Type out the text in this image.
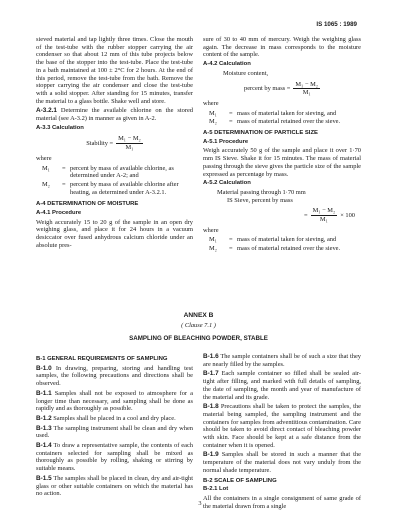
IS 1065 : 1989

sieved material and tap lightly three times. Close the mouth of the test-tube with the rubber stopper carrying the air condenser so that about 12 mm of this tube projects below the base of the stopper into the test-tube. Place the test-tube in a bath maintained at 100 ± 2°C for 2 hours. At the end of this period, remove the test-tube from the bath. Remove the stopper carrying the air condenser and close the test-tube with a solid stopper. After standing for 15 minutes, transfer the material to a glass bottle. Shake well and store.

A-3.2.1 Determine the available chlorine on the stored material (see A-3.2) in manner as given in A-2.

A-3.3 Calculation
Stability = $\frac{\text{M₁ − M₂}}{\text{M₁}}$

where

M₁	= percent by mass of available chlorine, as determined under A-2; and
M₂	= percent by mass of available chlorine after heating, as determined under A-3.2.1.
A-4 DETERMINATION OF MOISTURE
A-4.1 Procedure

Weigh accurately 15 to 20 g of the sample in an open dry weighing glass, and place it for 24 hours in a vacuum desiccator over fused anhydrous calcium chloride under an absolute pres-

sure of 30 to 40 mm of mercury. Weigh the weighing glass again. The decrease in mass corresponds to the moisture content of the sample.

A-4.2 Calculation

Moisture content,

percent by mass = $\frac{\text{M₁ − M₂}}{\text{M₁}}$

where

M₁	= mass of material taken for sieving, and
M₂	= mass of material retained over the sieve.
A-5 DETERMINATION OF PARTICLE SIZE
A-5.1 Procedure

Weigh accurately 50 g of the sample and place it over 1·70 mm IS Sieve. Shake it for 15 minutes. The mass of material passing through the sieve gives the particle size of the sample expressed as percentage by mass.

A-5.2 Calculation

Material passing through 1·70 mm

IS Sieve, percent by mass

= $\frac{\text{M₁ − M₂}}{\text{M₁}} \times 100$

where

M₁	= mass of material taken for sieving, and
M₂	= mass of material retained over the sieve.
ANNEX B
( Clause 7.1 )
SAMPLING OF BLEACHING POWDER, STABLE

B-1 GENERAL REQUIREMENTS OF SAMPLING

B-1.0 In drawing, preparing, storing and handling test samples, the following precautions and directions shall be observed.

B-1.1 Samples shall not be exposed to atmosphere for a longer time than necessary, and sampling shall be done as rapidly and as thoroughly as possible.

B-1.2 Samples shall be placed in a cool and dry place.

B-1.3 The sampling instrument shall be clean and dry when used.

B-1.4 To draw a representative sample, the contents of each containers selected for sampling shall be mixed as thoroughly as possible by rolling, shaking or stirring by suitable means.

B-1.5 The samples shall be placed in clean, dry and air-tight glass or other suitable containers on which the material has no action.

B-1.6 The sample containers shall be of such a size that they are nearly filled by the samples.

B-1.7 Each sample container so filled shall be sealed air-tight after filling, and marked with full details of sampling, the date of sampling, the month and year of manufacture of the material and its grade.

B-1.8 Precautions shall be taken to protect the samples, the material being sampled, the sampling instrument and the containers for samples from adventitious contamination. Care should be taken to avoid direct contact of bleaching powder with skin. Face should be kept at a safe distance from the container when it is opened.

B-1.9 Samples shall be stored in such a manner that the temperature of the material does not vary unduly from the normal shade temperature.

B-2 SCALE OF SAMPLING

B-2.1 Lot

All the containers in a single consignment of same grade of the material drawn from a single

3
